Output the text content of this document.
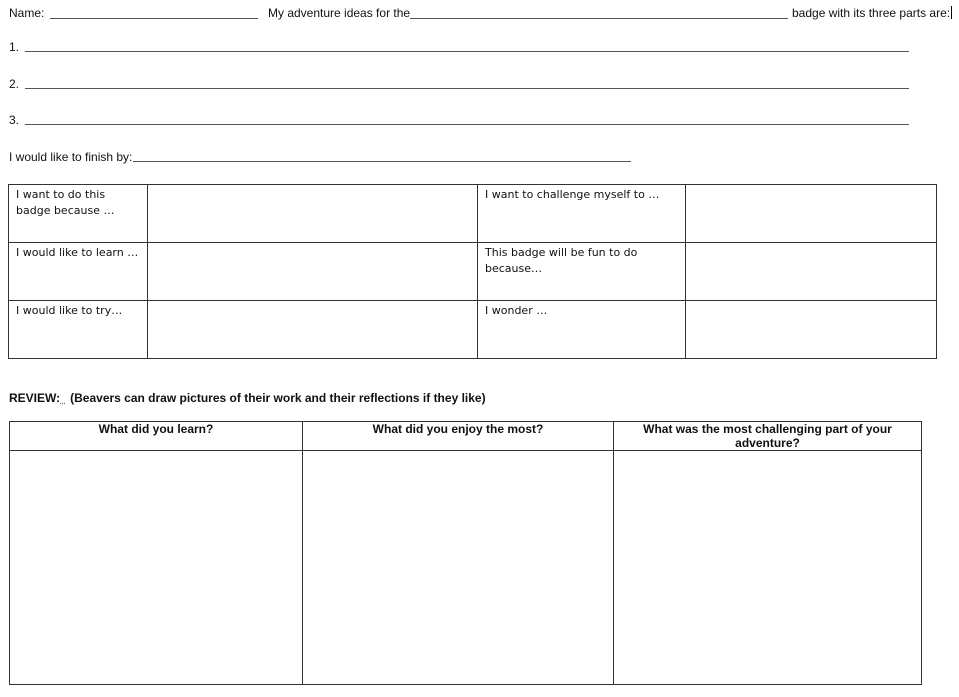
Name:	My adventure ideas for the	badge with its three parts are:
1.
2.
3.
I would like to finish by:
I want to do this badge because …		I want to challenge myself to …	
I would like to learn …		This badge will be fun to do because…	
I would like to try…		I wonder …	
REVIEW:   (Beavers can draw pictures of their work and their reflections if they like)
What did you learn?	What did you enjoy the most?	What was the most challenging part of your adventure?
